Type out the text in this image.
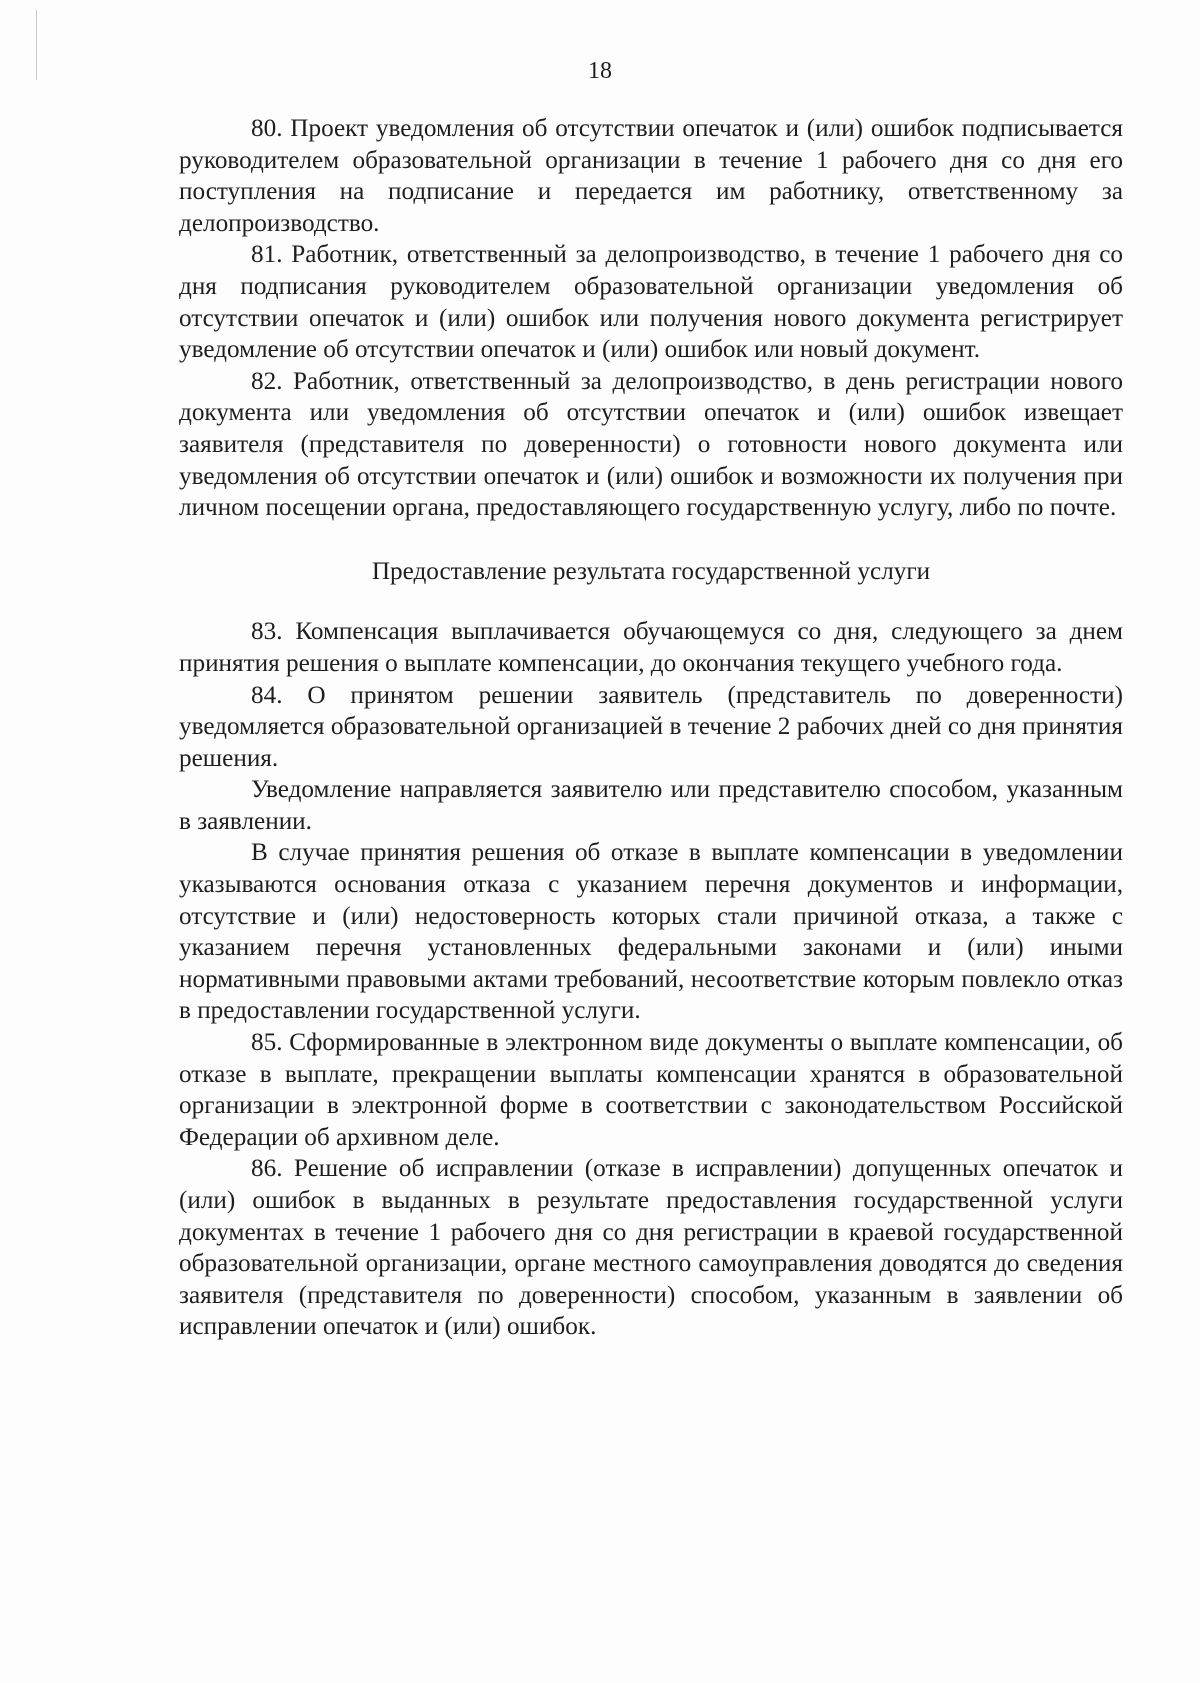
18

80. Проект уведомления об отсутствии опечаток и (или) ошибок подписывается руководителем образовательной организации в течение 1 рабочего дня со дня его поступления на подписание и передается им работнику, ответственному за делопроизводство.

81. Работник, ответственный за делопроизводство, в течение 1 рабочего дня со дня подписания руководителем образовательной организации уведомления об отсутствии опечаток и (или) ошибок или получения нового документа регистрирует уведомление об отсутствии опечаток и (или) ошибок или новый документ.

82. Работник, ответственный за делопроизводство, в день регистрации нового документа или уведомления об отсутствии опечаток и (или) ошибок извещает заявителя (представителя по доверенности) о готовности нового документа или уведомления об отсутствии опечаток и (или) ошибок и возможности их получения при личном посещении органа, предоставляющего государственную услугу, либо по почте.

Предоставление результата государственной услуги

83. Компенсация выплачивается обучающемуся со дня, следующего за днем принятия решения о выплате компенсации, до окончания текущего учебного года.

84. О принятом решении заявитель (представитель по доверенности) уведомляется образовательной организацией в течение 2 рабочих дней со дня принятия решения.

Уведомление направляется заявителю или представителю способом, указанным в заявлении.

В случае принятия решения об отказе в выплате компенсации в уведомлении указываются основания отказа с указанием перечня документов и информации, отсутствие и (или) недостоверность которых стали причиной отказа, а также с указанием перечня установленных федеральными законами и (или) иными нормативными правовыми актами требований, несоответствие которым повлекло отказ в предоставлении государственной услуги.

85. Сформированные в электронном виде документы о выплате компенсации, об отказе в выплате, прекращении выплаты компенсации хранятся в образовательной организации в электронной форме в соответствии с законодательством Российской Федерации об архивном деле.

86. Решение об исправлении (отказе в исправлении) допущенных опечаток и (или) ошибок в выданных в результате предоставления государственной услуги документах в течение 1 рабочего дня со дня регистрации в краевой государственной образовательной организации, органе местного самоуправления доводятся до сведения заявителя (представителя по доверенности) способом, указанным в заявлении об исправлении опечаток и (или) ошибок.
